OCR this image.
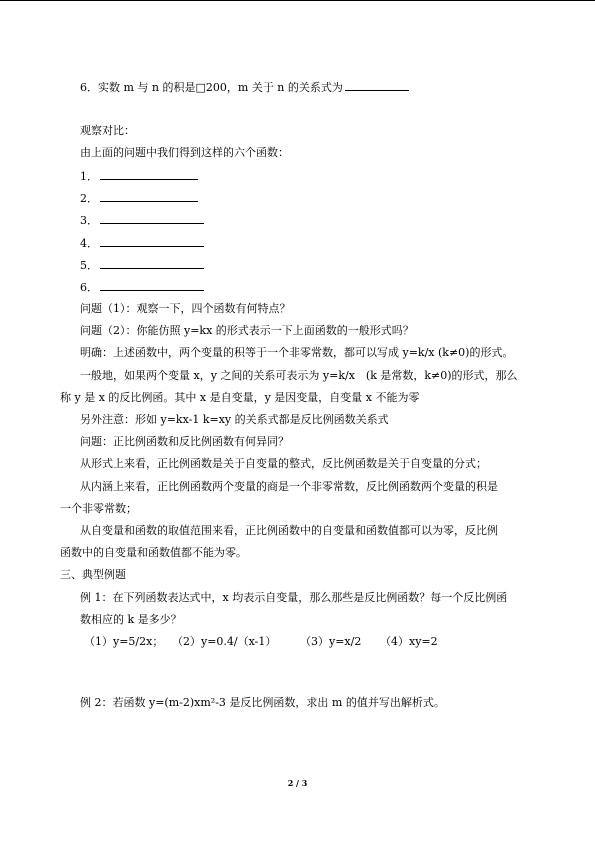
6．实数 m 与 n 的积是□200，m 关于 n 的关系式为
观察对比：
由上面的问题中我们得到这样的六个函数：
1．
2．
3．
4．
5．
6．
问题（1）：观察一下，四个函数有何特点？
问题（2）：你能仿照 y=kx 的形式表示一下上面函数的一般形式吗？
明确：上述函数中，两个变量的积等于一个非零常数，都可以写成 y=k/x (k≠0)的形式。
一般地，如果两个变量 x，y 之间的关系可表示为 y=k/x　(k 是常数，k≠0)的形式，那么
称 y 是 x 的反比例函。其中 x 是自变量，y 是因变量，自变量 x 不能为零
另外注意：形如 y=kx-1 k=xy 的关系式都是反比例函数关系式
问题：正比例函数和反比例函数有何异同？
从形式上来看，正比例函数是关于自变量的整式，反比例函数是关于自变量的分式；
从内涵上来看，正比例函数两个变量的商是一个非零常数，反比例函数两个变量的积是
一个非零常数；
从自变量和函数的取值范围来看，正比例函数中的自变量和函数值都可以为零，反比例
函数中的自变量和函数值都不能为零。
三、典型例题
例 1：在下列函数表达式中，x 均表示自变量，那么那些是反比例函数？每一个反比例函
数相应的 k 是多少？
（1）y=5/2x； （2）y=0.4/（x-1） （3）y=x/2 （4）xy=2
例 2：若函数 y=(m-2)xm²-3 是反比例函数，求出 m 的值并写出解析式。
2 / 3
